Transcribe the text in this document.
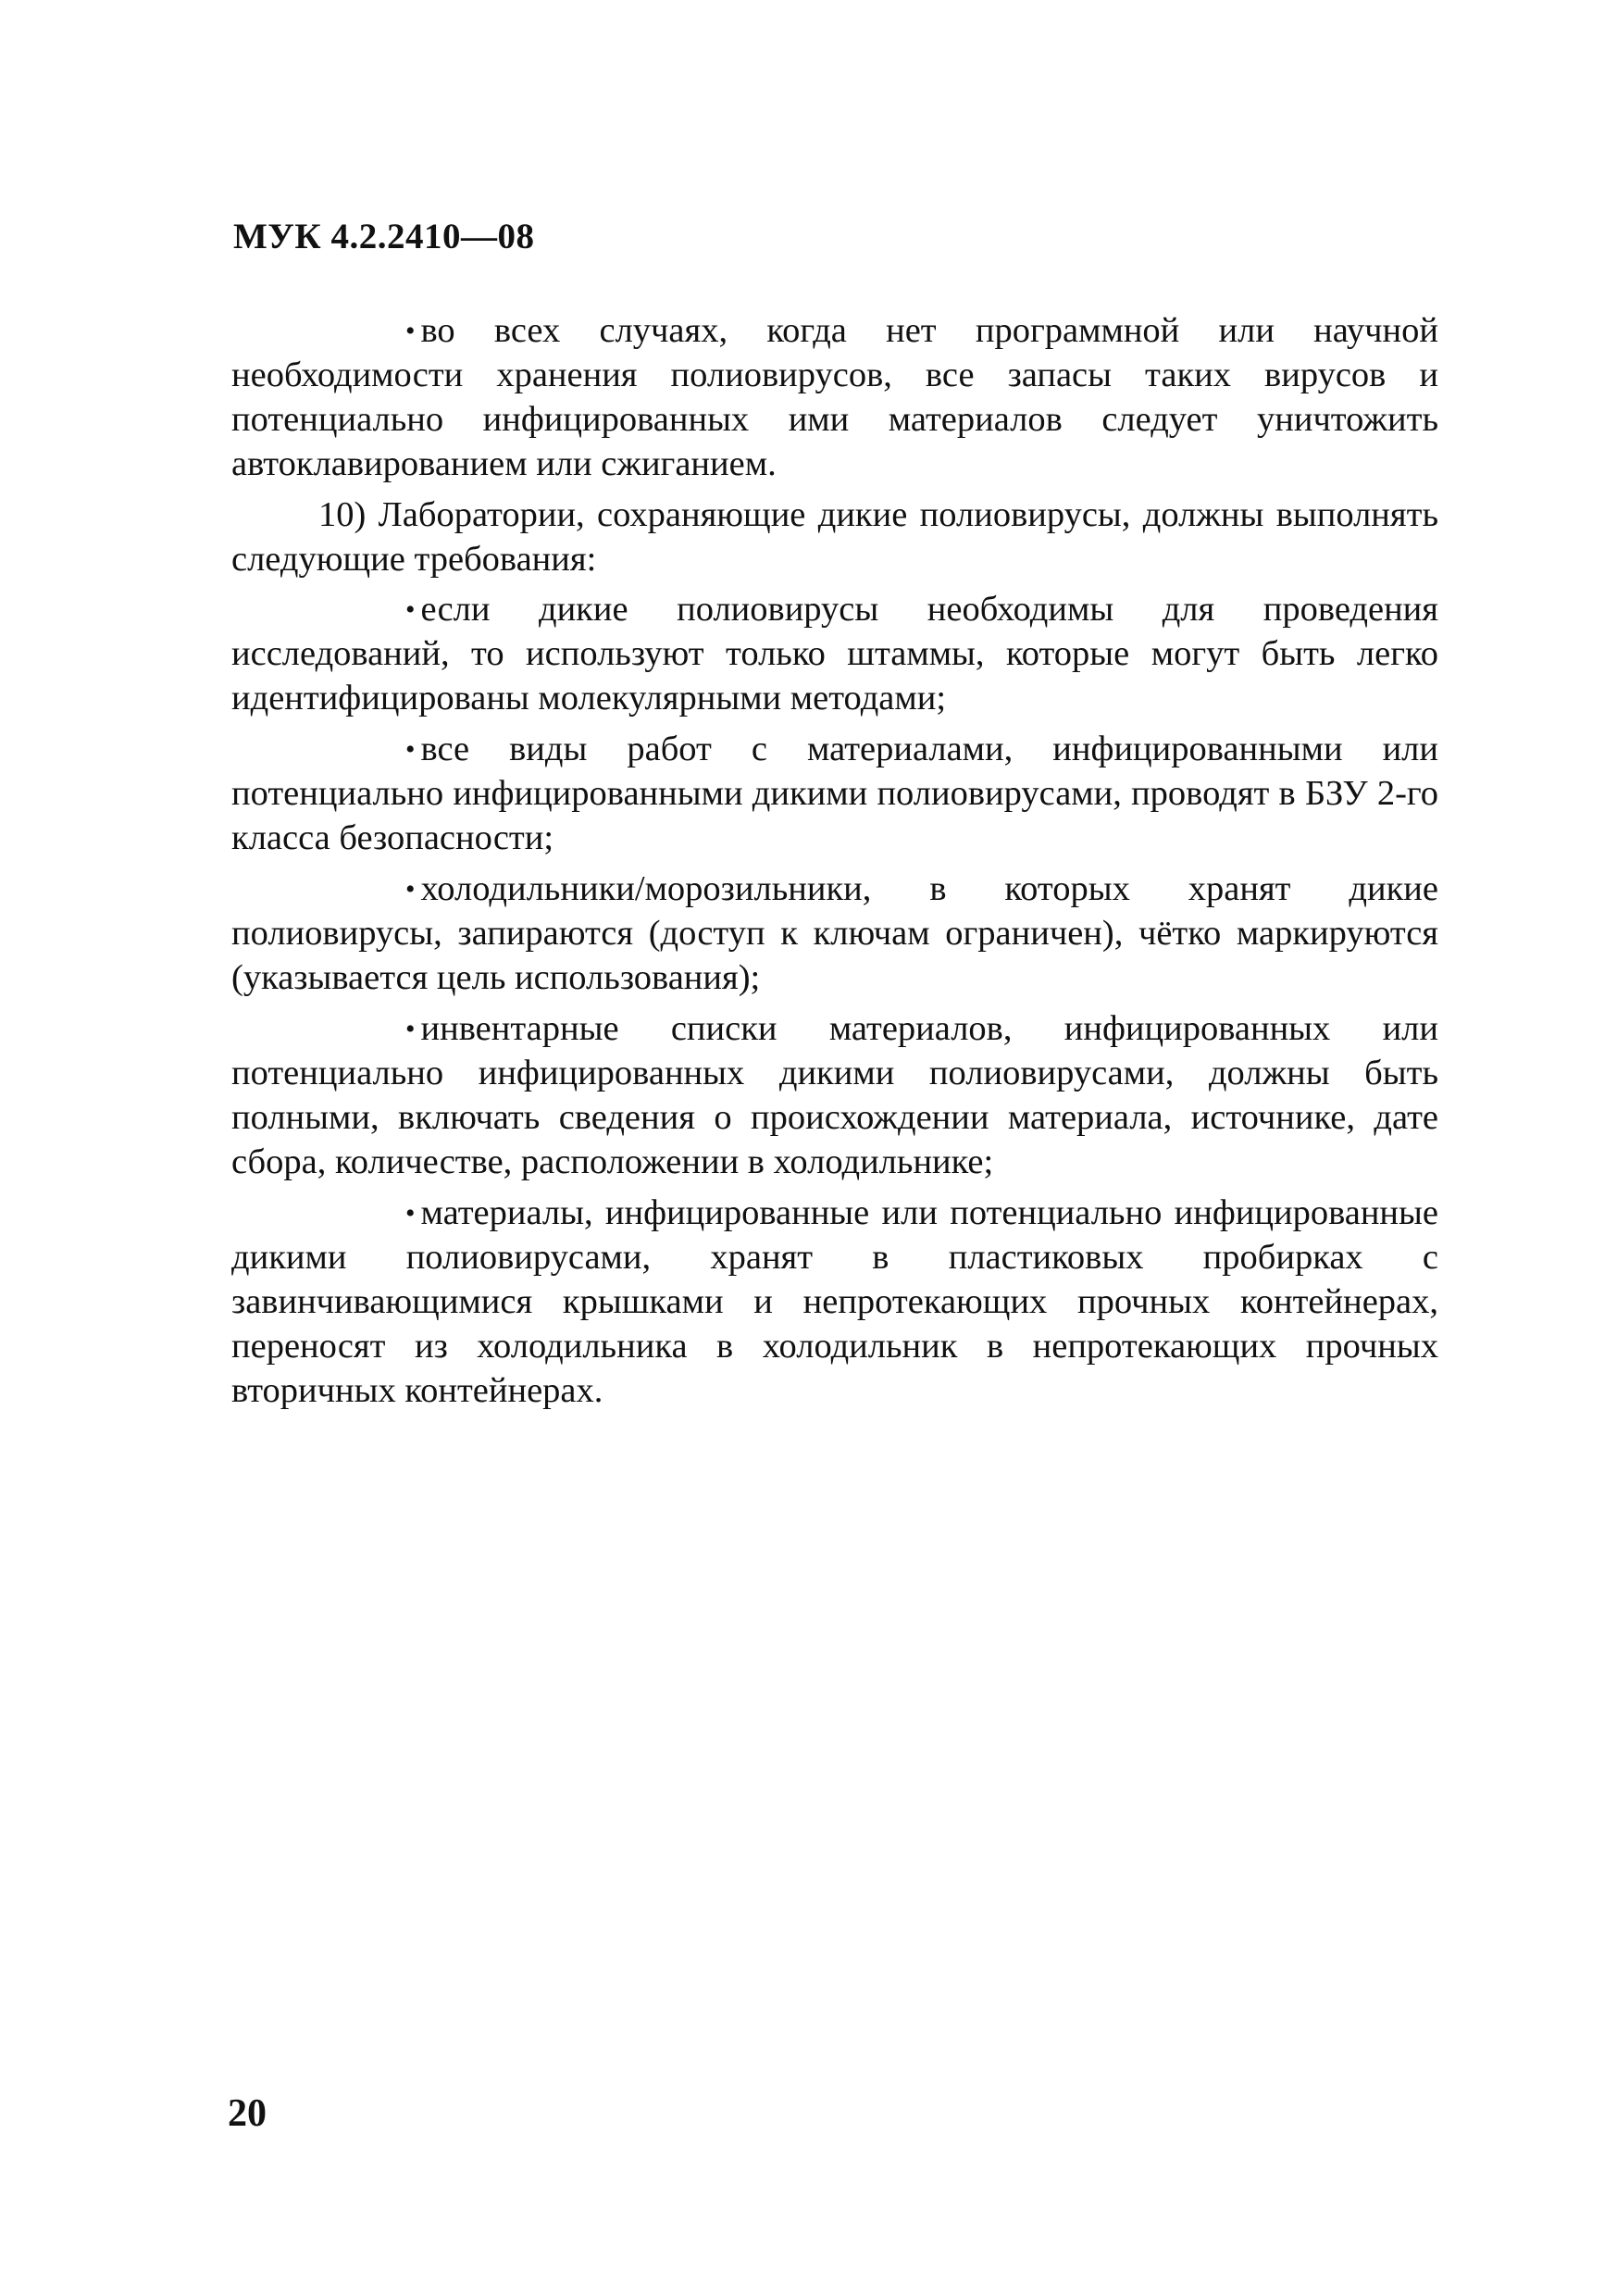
МУК 4.2.2410—08

• во всех случаях, когда нет программной или научной необходимости хранения полиовирусов, все запасы таких вирусов и потенциально инфицированных ими материалов следует уничтожить автоклавированием или сжиганием.

10) Лаборатории, сохраняющие дикие полиовирусы, должны выполнять следующие требования:

• если дикие полиовирусы необходимы для проведения исследований, то используют только штаммы, которые могут быть легко идентифицированы молекулярными методами;

• все виды работ с материалами, инфицированными или потенциально инфицированными дикими полиовирусами, проводят в БЗУ 2-го класса безопасности;

• холодильники/морозильники, в которых хранят дикие полиовирусы, запираются (доступ к ключам ограничен), чётко маркируются (указывается цель использования);

• инвентарные списки материалов, инфицированных или потенциально инфицированных дикими полиовирусами, должны быть полными, включать сведения о происхождении материала, источнике, дате сбора, количестве, расположении в холодильнике;

• материалы, инфицированные или потенциально инфицированные дикими полиовирусами, хранят в пластиковых пробирках с завинчивающимися крышками и непротекающих прочных контейнерах, переносят из холодильника в холодильник в непротекающих прочных вторичных контейнерах.

20
